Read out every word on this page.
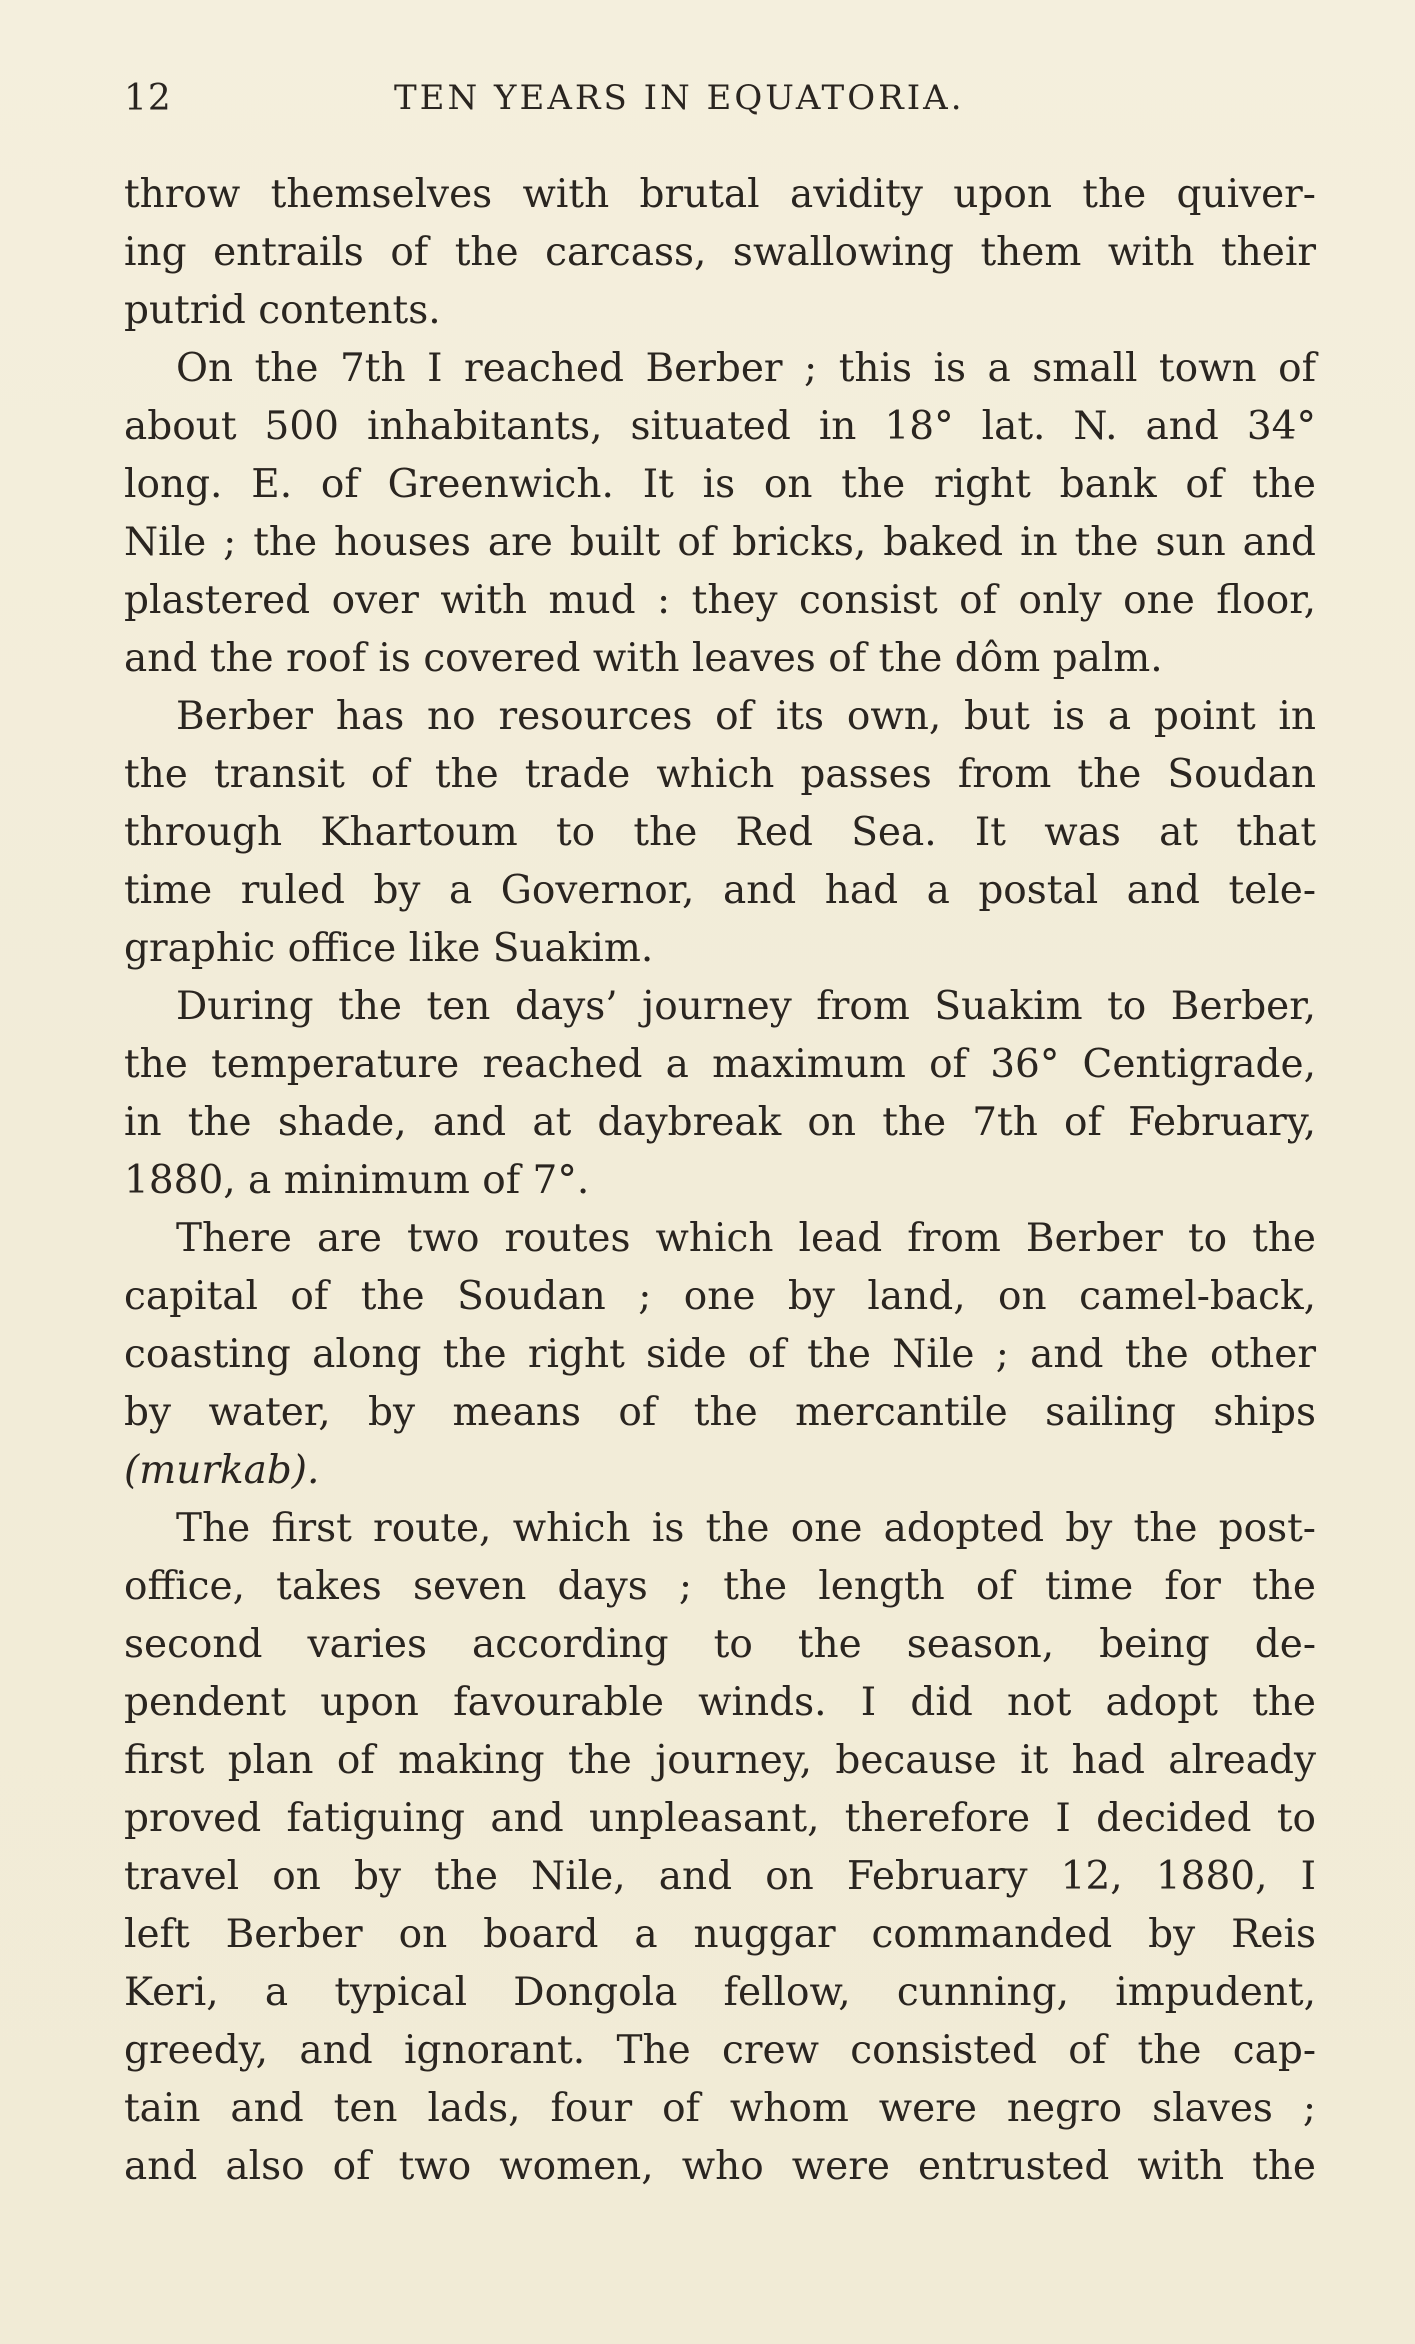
12	TEN YEARS IN EQUATORIA.
throw themselves with brutal avidity upon the quiver-
ing entrails of the carcass, swallowing them with their
putrid contents.
On the 7th I reached Berber ; this is a small town of
about 500 inhabitants, situated in 18° lat. N. and 34°
long. E. of Greenwich. It is on the right bank of the
Nile ; the houses are built of bricks, baked in the sun and
plastered over with mud : they consist of only one floor,
and the roof is covered with leaves of the dôm palm.
Berber has no resources of its own, but is a point in
the transit of the trade which passes from the Soudan
through Khartoum to the Red Sea. It was at that
time ruled by a Governor, and had a postal and tele-
graphic office like Suakim.
During the ten days’ journey from Suakim to Berber,
the temperature reached a maximum of 36° Centigrade,
in the shade, and at daybreak on the 7th of February,
1880, a minimum of 7°.
There are two routes which lead from Berber to the
capital of the Soudan ; one by land, on camel-back,
coasting along the right side of the Nile ; and the other
by water, by means of the mercantile sailing ships
(murkab).
The first route, which is the one adopted by the post-
office, takes seven days ; the length of time for the
second varies according to the season, being de-
pendent upon favourable winds. I did not adopt the
first plan of making the journey, because it had already
proved fatiguing and unpleasant, therefore I decided to
travel on by the Nile, and on February 12, 1880, I
left Berber on board a nuggar commanded by Reis
Keri, a typical Dongola fellow, cunning, impudent,
greedy, and ignorant. The crew consisted of the cap-
tain and ten lads, four of whom were negro slaves ;
and also of two women, who were entrusted with the
